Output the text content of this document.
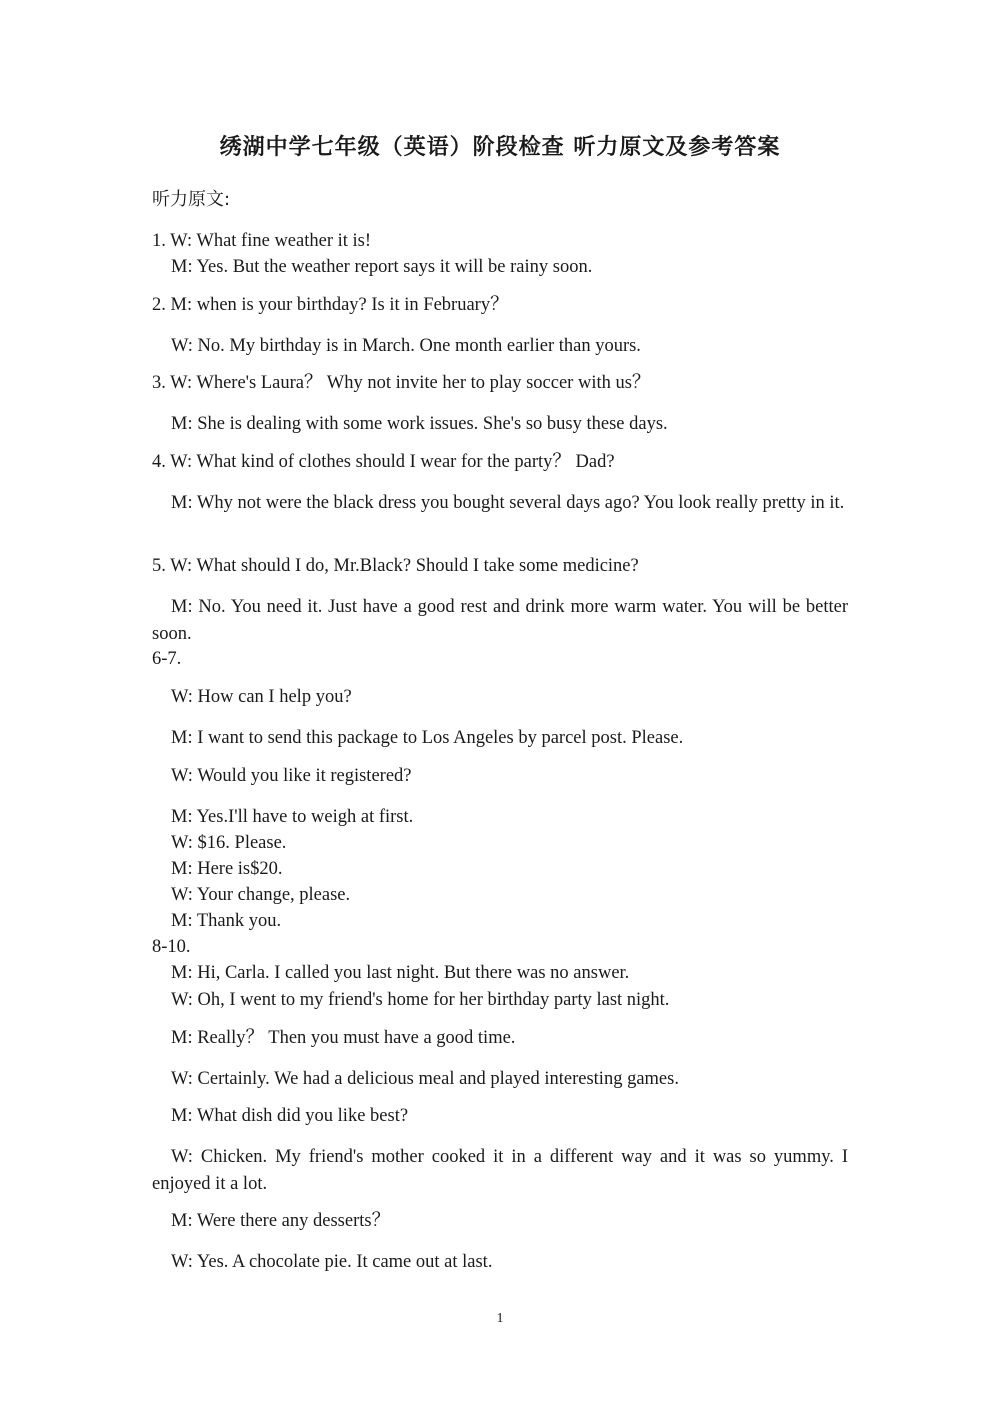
绣湖中学七年级（英语）阶段检查 听力原文及参考答案
听力原文:
1. W: What fine weather it is!
M: Yes. But the weather report says it will be rainy soon.
2. M: when is your birthday? Is it in February？
W: No. My birthday is in March. One month earlier than yours.
3. W: Where's Laura？ Why not invite her to play soccer with us？
M: She is dealing with some work issues. She's so busy these days.
4. W: What kind of clothes should I wear for the party？ Dad?
M: Why not were the black dress you bought several days ago? You look really pretty in it.
5. W: What should I do, Mr.Black? Should I take some medicine?
M: No. You need it. Just have a good rest and drink more warm water. You will be better soon.
6-7.
W: How can I help you?
M: I want to send this package to Los Angeles by parcel post. Please.
W: Would you like it registered?
M: Yes.I'll have to weigh at first.
W: $16. Please.
M: Here is$20.
W: Your change, please.
M: Thank you.
8-10.
M: Hi, Carla. I called you last night. But there was no answer.
W: Oh, I went to my friend's home for her birthday party last night.
M: Really？ Then you must have a good time.
W: Certainly. We had a delicious meal and played interesting games.
M: What dish did you like best?
W: Chicken. My friend's mother cooked it in a different way and it was so yummy. I enjoyed it a lot.
M: Were there any desserts？
W: Yes. A chocolate pie. It came out at last.
1
